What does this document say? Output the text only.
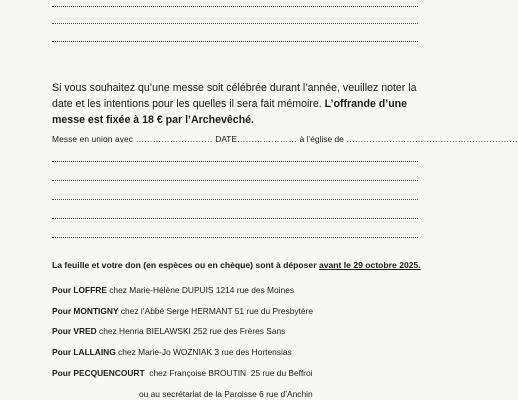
Si vous souhaitez qu’une messe soit célébrée durant l’année, veuillez noter la date et les intentions pour les quelles il sera fait mémoire. L’offrande d’une messe est fixée à 18 € par l’Archevêché.
Messe en union avec ……………………… DATE………………… à l’église de ……………………………………………………
La feuille et votre don (en espèces ou en chèque) sont à déposer avant le 29 octobre 2025.
Pour LOFFRE chez Marie-Hélène DUPUIS 1214 rue des Moines
Pour MONTIGNY chez l’Abbé Serge HERMANT 51 rue du Presbytère
Pour VRED chez Henria BIELAWSKI 252 rue des Frères Sans
Pour LALLAING chez Marie-Jo WOZNIAK 3 rue des Hortensias
Pour PECQUENCOURT  chez Françoise BROUTIN  25 rue du Beffroi
ou au secrétariat de la Paroisse 6 rue d’Anchin
